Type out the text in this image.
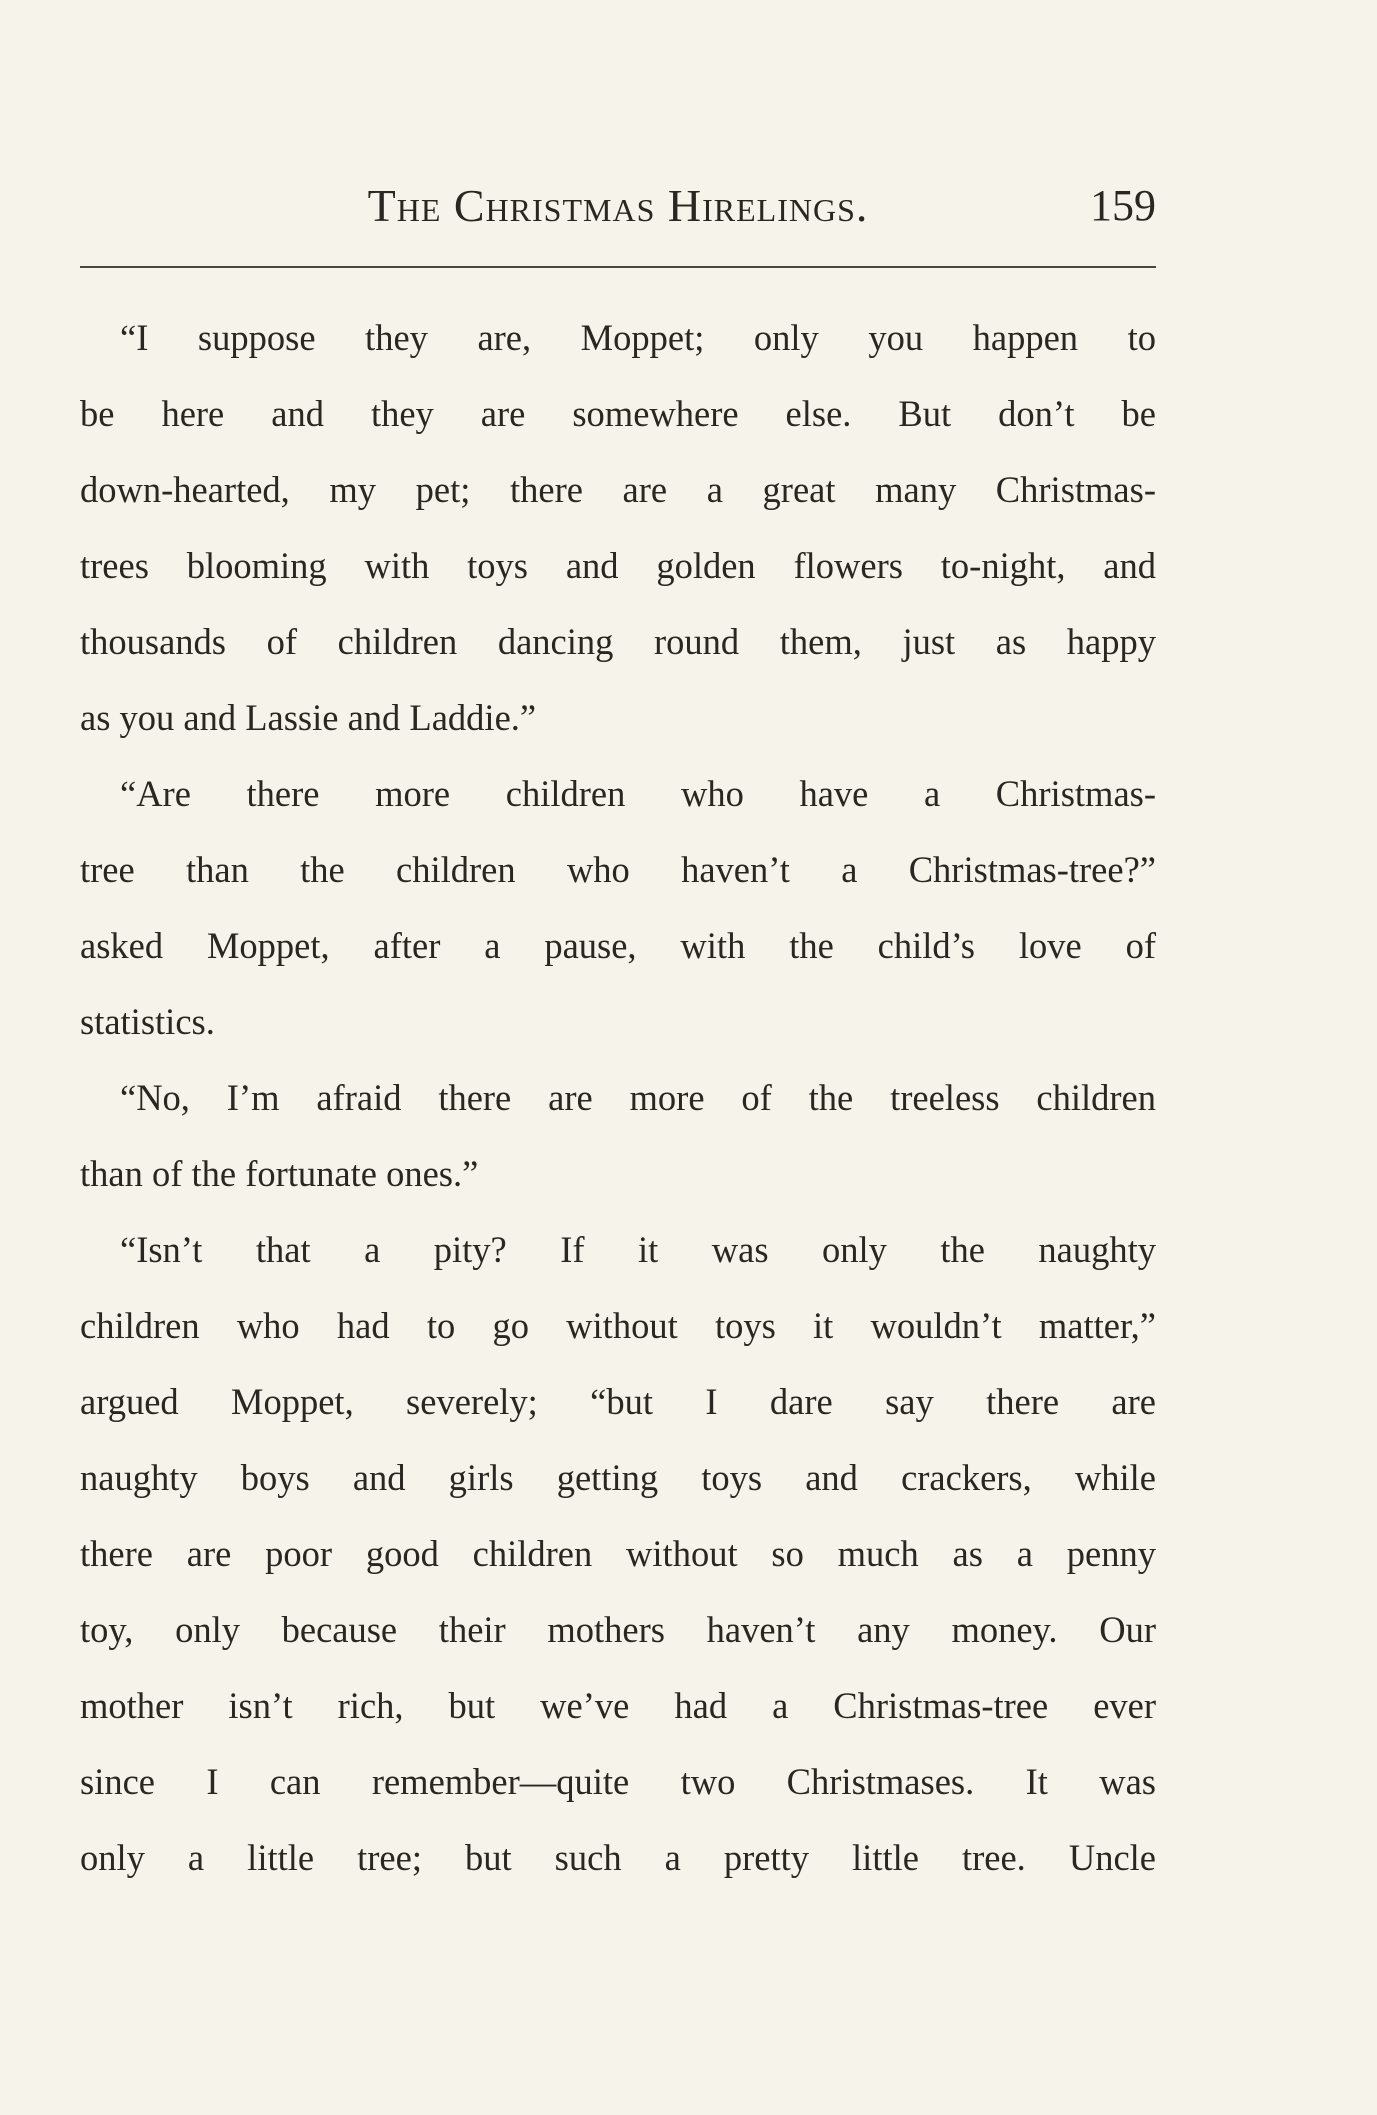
The Christmas Hirelings.	159
“I suppose they are, Moppet; only you happen to
be here and they are somewhere else. But don’t be
down-hearted, my pet; there are a great many Christmas-
trees blooming with toys and golden flowers to-night, and
thousands of children dancing round them, just as happy
as you and Lassie and Laddie.”
“Are there more children who have a Christmas-
tree than the children who haven’t a Christmas-tree?”
asked Moppet, after a pause, with the child’s love of
statistics.
“No, I’m afraid there are more of the treeless children
than of the fortunate ones.”
“Isn’t that a pity? If it was only the naughty
children who had to go without toys it wouldn’t matter,”
argued Moppet, severely; “but I dare say there are
naughty boys and girls getting toys and crackers, while
there are poor good children without so much as a penny
toy, only because their mothers haven’t any money. Our
mother isn’t rich, but we’ve had a Christmas-tree ever
since I can remember—quite two Christmases. It was
only a little tree; but such a pretty little tree. Uncle
